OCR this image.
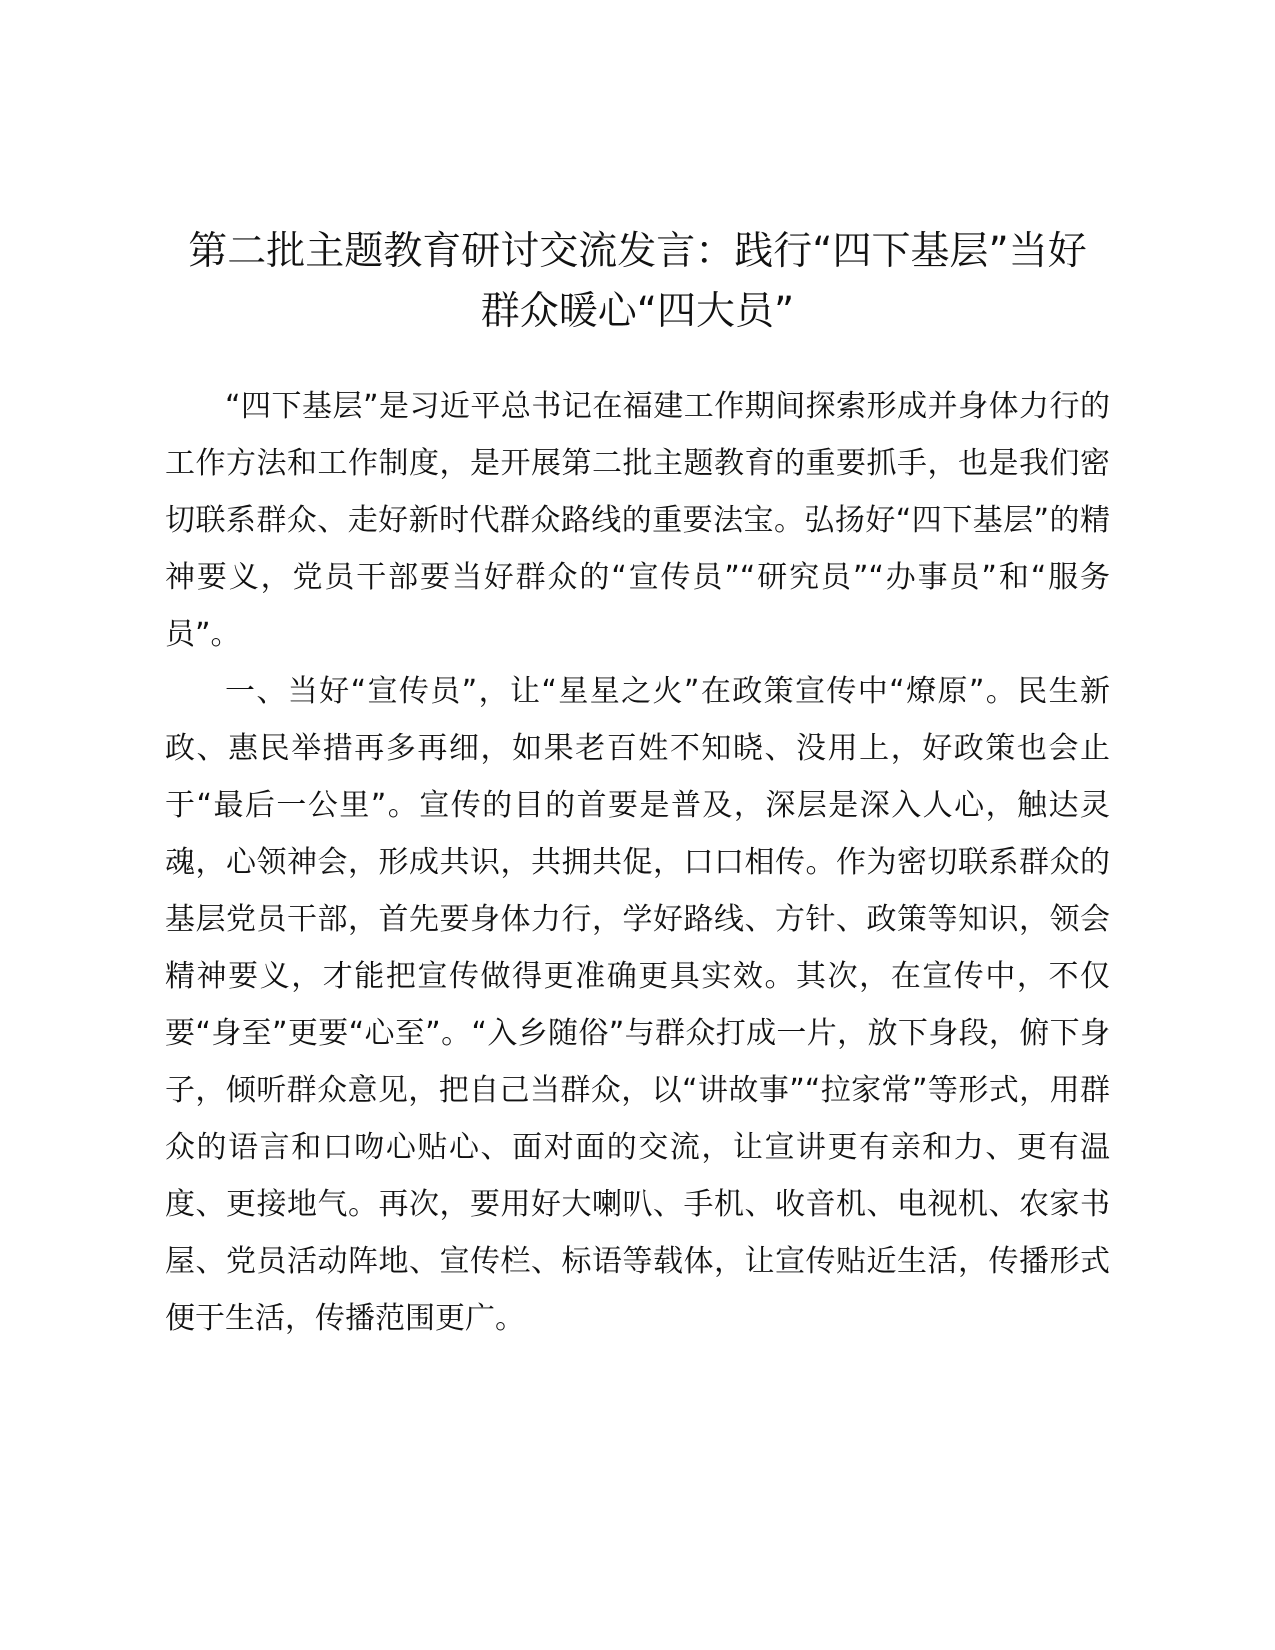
第二批主题教育研讨交流发言：践行“四下基层”当好群众暖心“四大员”

“四下基层”是习近平总书记在福建工作期间探索形成并身体力行的工作方法和工作制度，是开展第二批主题教育的重要抓手，也是我们密切联系群众、走好新时代群众路线的重要法宝。弘扬好“四下基层”的精神要义，党员干部要当好群众的“宣传员”“研究员”“办事员”和“服务员”。

一、当好“宣传员”，让“星星之火”在政策宣传中“燎原”。民生新政、惠民举措再多再细，如果老百姓不知晓、没用上，好政策也会止于“最后一公里”。宣传的目的首要是普及，深层是深入人心，触达灵魂，心领神会，形成共识，共拥共促，口口相传。作为密切联系群众的基层党员干部，首先要身体力行，学好路线、方针、政策等知识，领会精神要义，才能把宣传做得更准确更具实效。其次，在宣传中，不仅要“身至”更要“心至”。“入乡随俗”与群众打成一片，放下身段，俯下身子，倾听群众意见，把自己当群众，以“讲故事”“拉家常”等形式，用群众的语言和口吻心贴心、面对面的交流，让宣讲更有亲和力、更有温度、更接地气。再次，要用好大喇叭、手机、收音机、电视机、农家书屋、党员活动阵地、宣传栏、标语等载体，让宣传贴近生活，传播形式便于生活，传播范围更广。
